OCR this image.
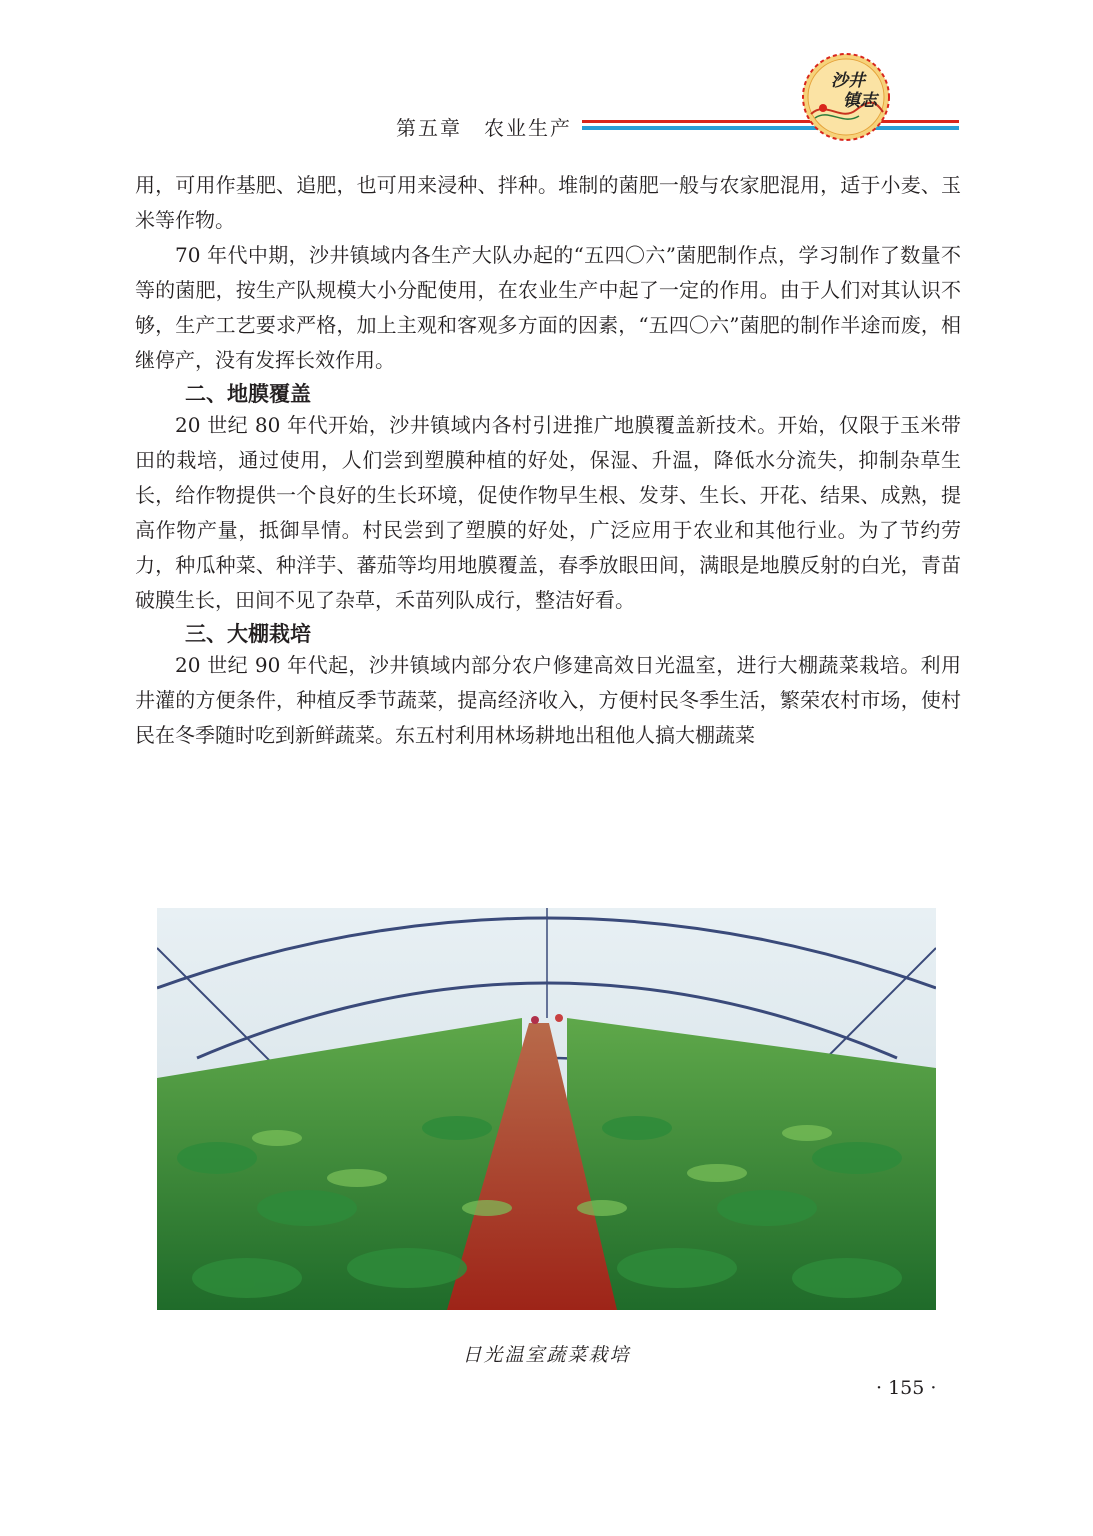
第五章　农业生产
沙井
镇志

用，可用作基肥、追肥，也可用来浸种、拌种。堆制的菌肥一般与农家肥混用，适于小麦、玉米等作物。

70 年代中期，沙井镇域内各生产大队办起的“五四〇六”菌肥制作点，学习制作了数量不等的菌肥，按生产队规模大小分配使用，在农业生产中起了一定的作用。由于人们对其认识不够，生产工艺要求严格，加上主观和客观多方面的因素，“五四〇六”菌肥的制作半途而废，相继停产，没有发挥长效作用。

二、地膜覆盖

20 世纪 80 年代开始，沙井镇域内各村引进推广地膜覆盖新技术。开始，仅限于玉米带田的栽培，通过使用，人们尝到塑膜种植的好处，保湿、升温，降低水分流失，抑制杂草生长，给作物提供一个良好的生长环境，促使作物早生根、发芽、生长、开花、结果、成熟，提高作物产量，抵御旱情。村民尝到了塑膜的好处，广泛应用于农业和其他行业。为了节约劳力，种瓜种菜、种洋芋、蕃茄等均用地膜覆盖，春季放眼田间，满眼是地膜反射的白光，青苗破膜生长，田间不见了杂草，禾苗列队成行，整洁好看。

三、大棚栽培

20 世纪 90 年代起，沙井镇域内部分农户修建高效日光温室，进行大棚蔬菜栽培。利用井灌的方便条件，种植反季节蔬菜，提高经济收入，方便村民冬季生活，繁荣农村市场，使村民在冬季随时吃到新鲜蔬菜。东五村利用林场耕地出租他人搞大棚蔬菜

日光温室蔬菜栽培
· 155 ·
